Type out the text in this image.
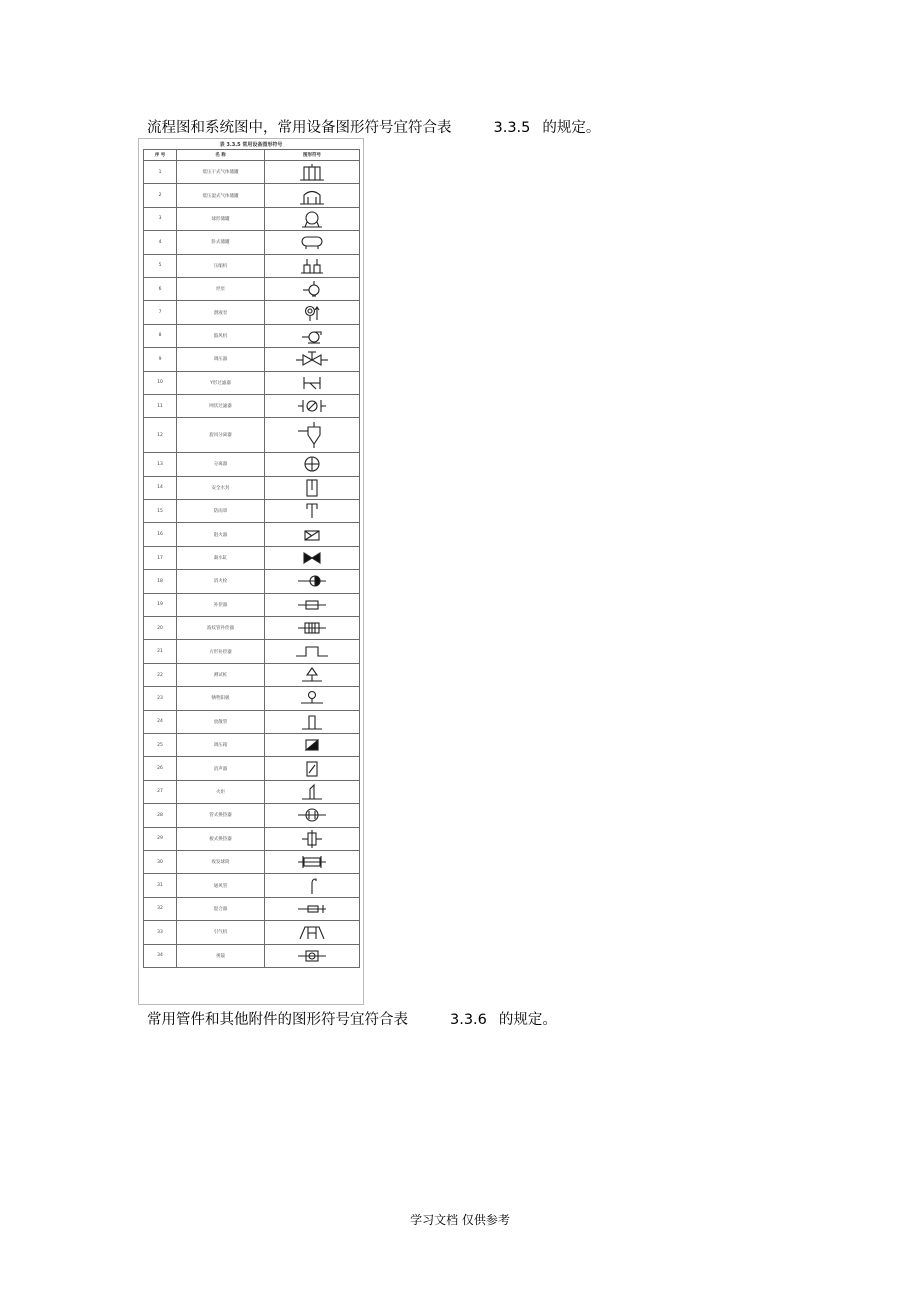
流程图和系统图中，常用设备图形符号宜符合表	3.3.5 的规定。
表 3.3.5 常用设备图形符号
序 号	名 称	图形符号
1	低压干式气体储罐	

2	低压湿式气体储罐	

3	球形储罐	

4	卧式储罐	

5	压缩机	

6	烃泵	

7	潜液泵	

8	鼓风机	

9	调压器	

10	Y形过滤器	

11	网状过滤器	

12	旋风分离器	

13	分离器	

14	安全水封	

15	防雨罩	

16	阻火器	

17	凝水缸	

18	消火栓	

19	补偿器	

20	波纹管补偿器	

21	方形补偿器	

22	测试桩	

23	牺牲阳极	

24	放散管	

25	调压箱	

26	消声器	

27	火炬	

28	管式换热器	

29	板式换热器	

30	收发球筒	

31	通风管	

32	混合器	

33	引气机	

34	视镜	
常用管件和其他附件的图形符号宜符合表	3.3.6 的规定。
学习文档 仅供参考
